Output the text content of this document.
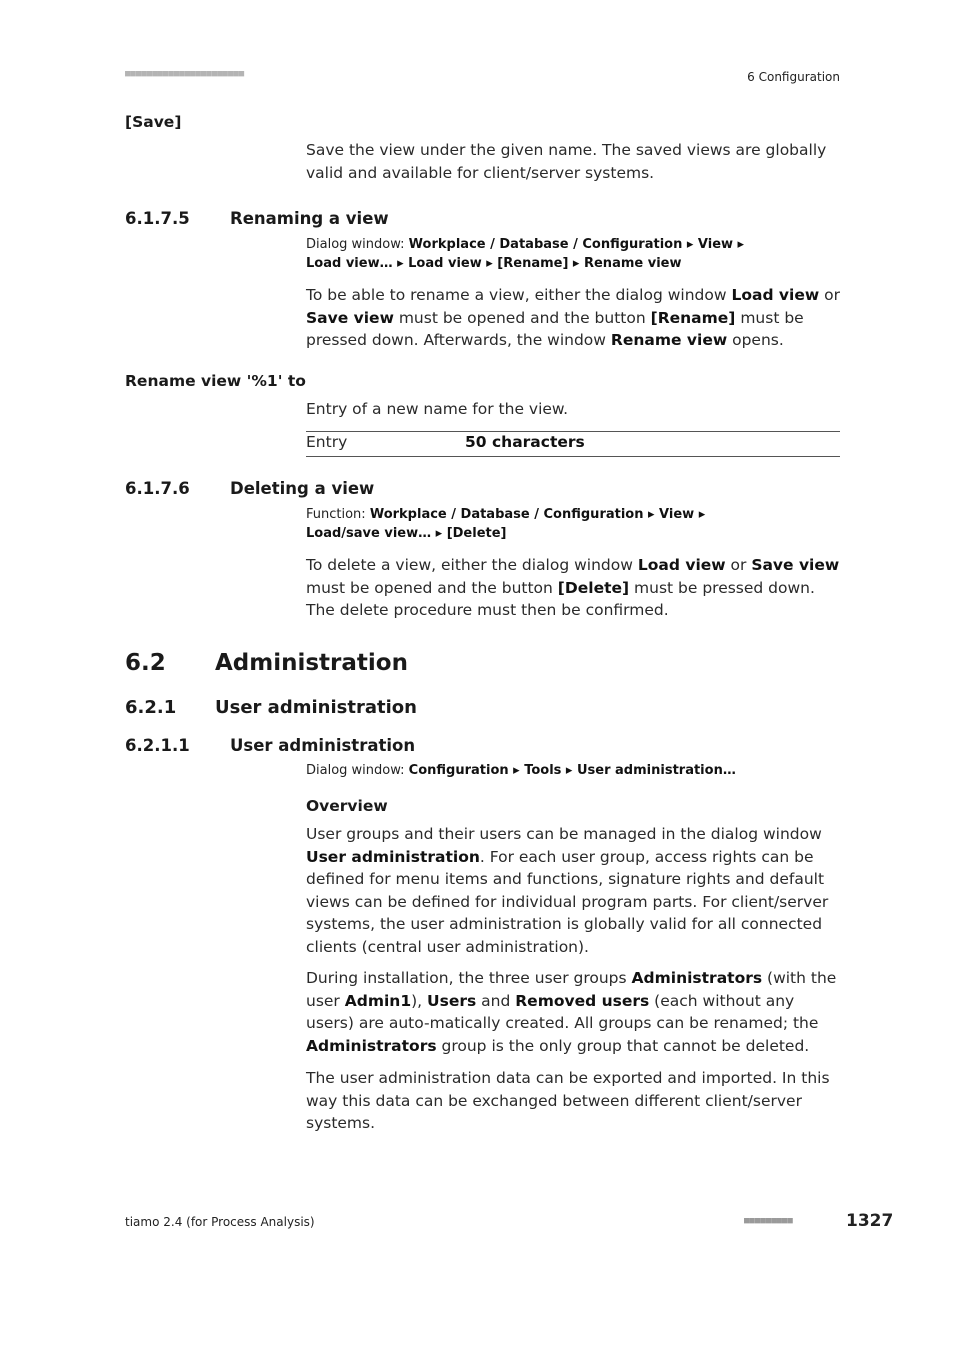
■■■■■■■■■■■■■■■■■■■■■■	6 Configuration
[Save]

Save the view under the given name. The saved views are globally valid and available for client/server systems.

6.1.7.5 Renaming a view

Dialog window: Workplace / Database / Configuration ▸ View ▸ Load view… ▸ Load view ▸ [Rename] ▸ Rename view

To be able to rename a view, either the dialog window Load view or Save view must be opened and the button [Rename] must be pressed down. Afterwards, the window Rename view opens.

Rename view '%1' to

Entry of a new name for the view.

Entry	50 characters
6.1.7.6 Deleting a view

Function: Workplace / Database / Configuration ▸ View ▸ Load/save view… ▸ [Delete]

To delete a view, either the dialog window Load view or Save view must be opened and the button [Delete] must be pressed down. The delete procedure must then be confirmed.

6.2 Administration
6.2.1 User administration
6.2.1.1 User administration

Dialog window: Configuration ▸ Tools ▸ User administration…

Overview

User groups and their users can be managed in the dialog window User administration. For each user group, access rights can be defined for menu items and functions, signature rights and default views can be defined for individual program parts. For client/server systems, the user administration is globally valid for all connected clients (central user administration).

During installation, the three user groups Administrators (with the user Admin1), Users and Removed users (each without any users) are auto-matically created. All groups can be renamed; the Administrators group is the only group that cannot be deleted.

The user administration data can be exported and imported. In this way this data can be exchanged between different client/server systems.

tiamo 2.4 (for Process Analysis)	■■■■■■■■■	1327
